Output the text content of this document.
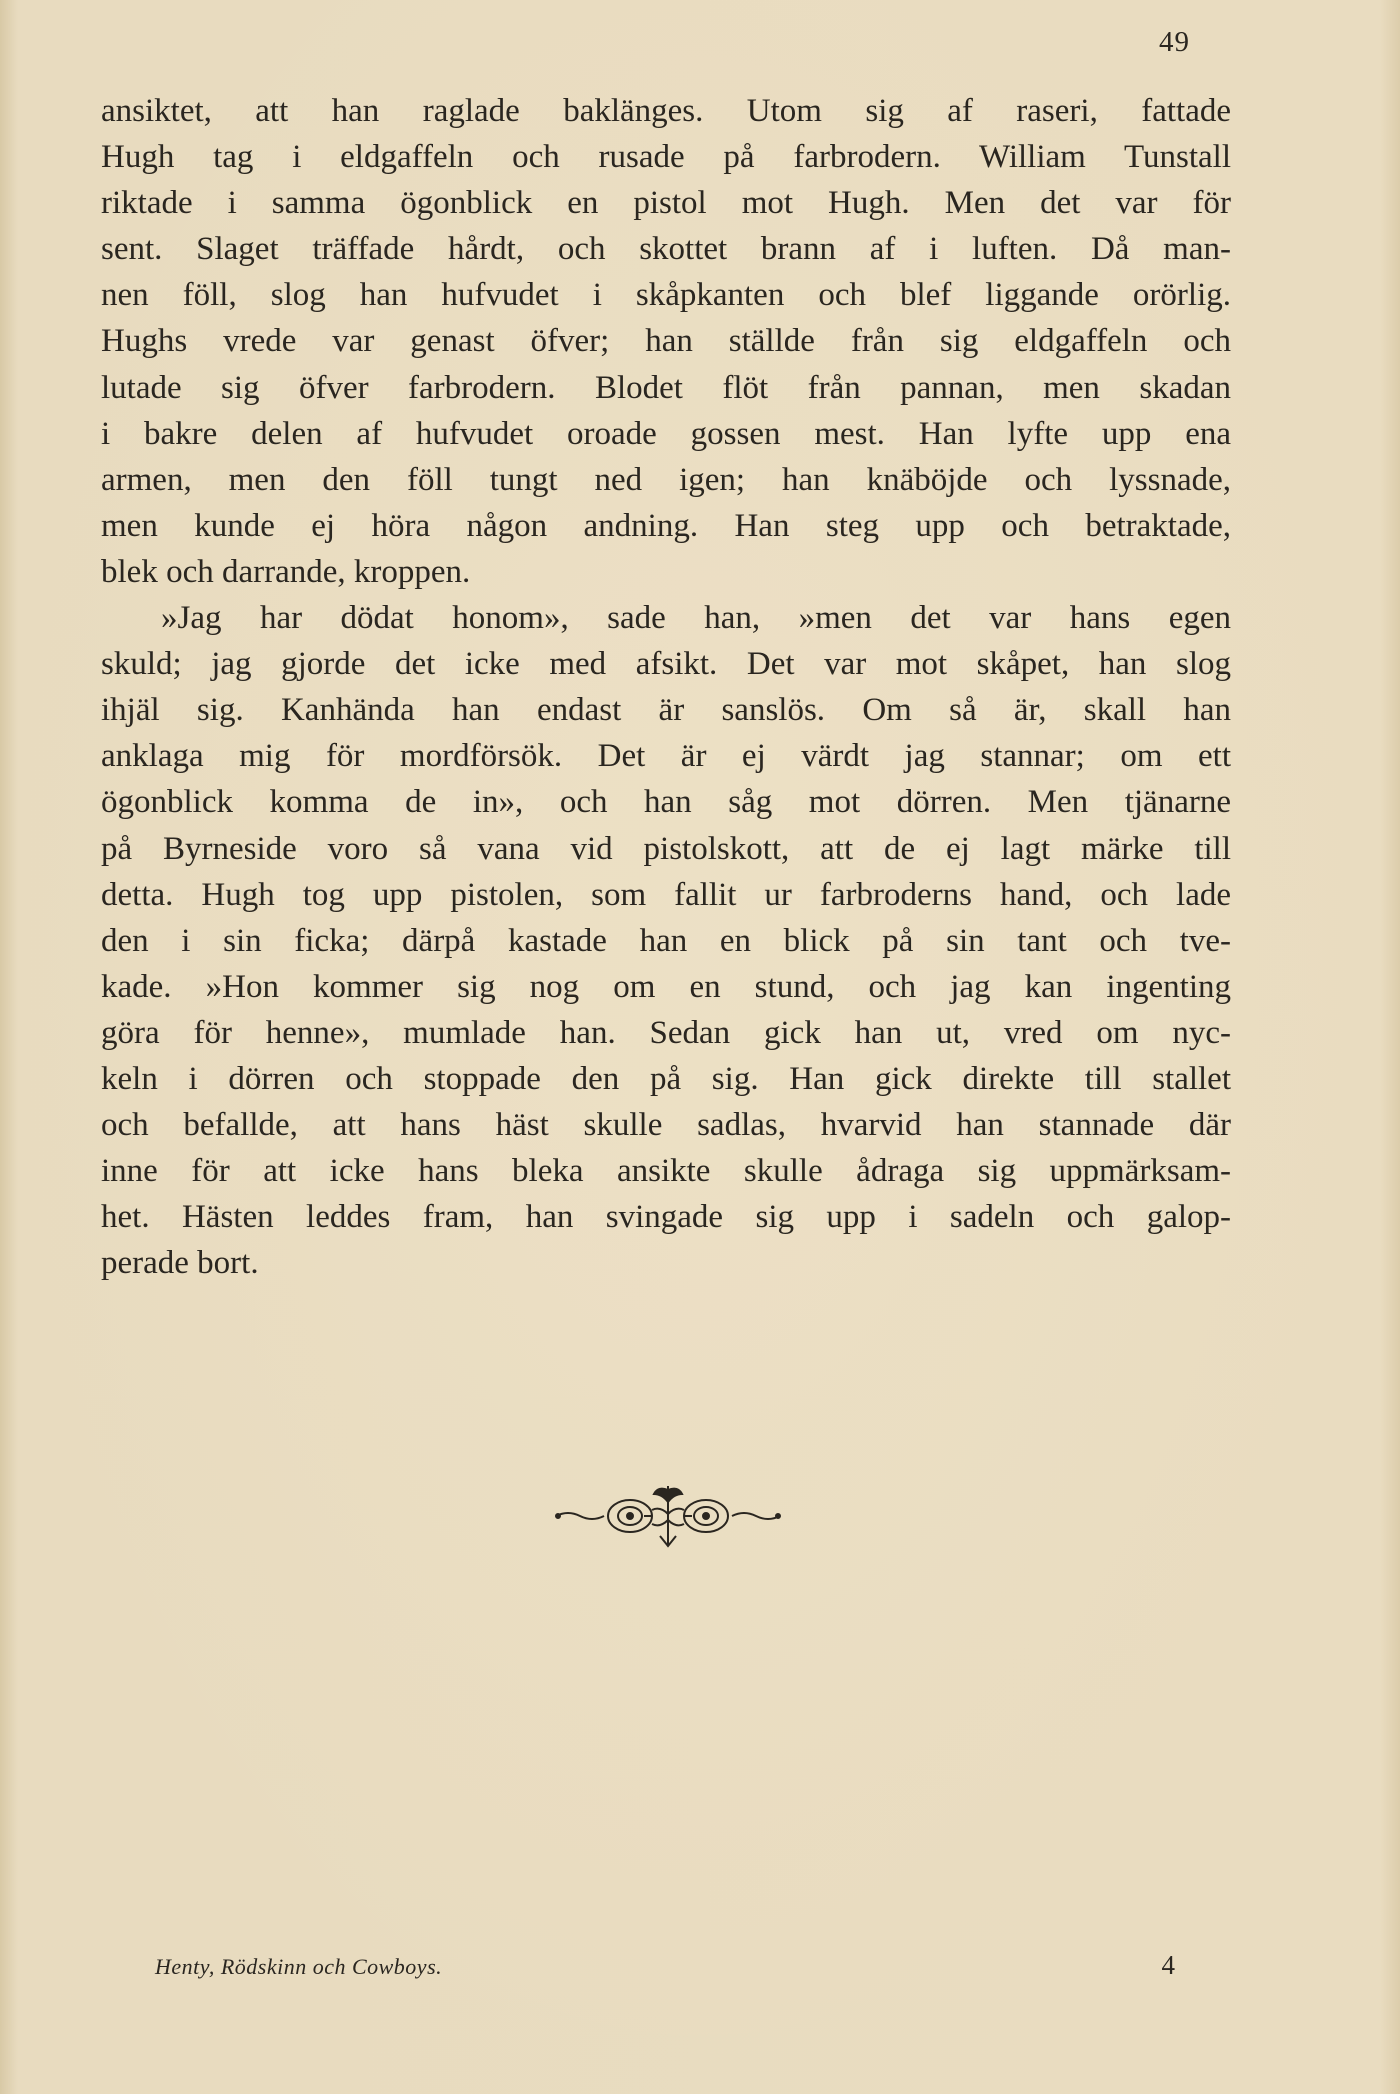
49
ansiktet, att han raglade baklänges. Utom sig af raseri, fattade
Hugh tag i eldgaffeln och rusade på farbrodern. William Tunstall
riktade i samma ögonblick en pistol mot Hugh. Men det var för
sent. Slaget träffade hårdt, och skottet brann af i luften. Då man-
nen föll, slog han hufvudet i skåpkanten och blef liggande orörlig.
Hughs vrede var genast öfver; han ställde från sig eldgaffeln och
lutade sig öfver farbrodern. Blodet flöt från pannan, men skadan
i bakre delen af hufvudet oroade gossen mest. Han lyfte upp ena
armen, men den föll tungt ned igen; han knäböjde och lyssnade,
men kunde ej höra någon andning. Han steg upp och betraktade,
blek och darrande, kroppen.
»Jag har dödat honom», sade han, »men det var hans egen
skuld; jag gjorde det icke med afsikt. Det var mot skåpet, han slog
ihjäl sig. Kanhända han endast är sanslös. Om så är, skall han
anklaga mig för mordförsök. Det är ej värdt jag stannar; om ett
ögonblick komma de in», och han såg mot dörren. Men tjänarne
på Byrneside voro så vana vid pistolskott, att de ej lagt märke till
detta. Hugh tog upp pistolen, som fallit ur farbroderns hand, och lade
den i sin ficka; därpå kastade han en blick på sin tant och tve-
kade. »Hon kommer sig nog om en stund, och jag kan ingenting
göra för henne», mumlade han. Sedan gick han ut, vred om nyc-
keln i dörren och stoppade den på sig. Han gick direkte till stallet
och befallde, att hans häst skulle sadlas, hvarvid han stannade där
inne för att icke hans bleka ansikte skulle ådraga sig uppmärksam-
het. Hästen leddes fram, han svingade sig upp i sadeln och galop-
perade bort.
Henty, Rödskinn och Cowboys.	4
